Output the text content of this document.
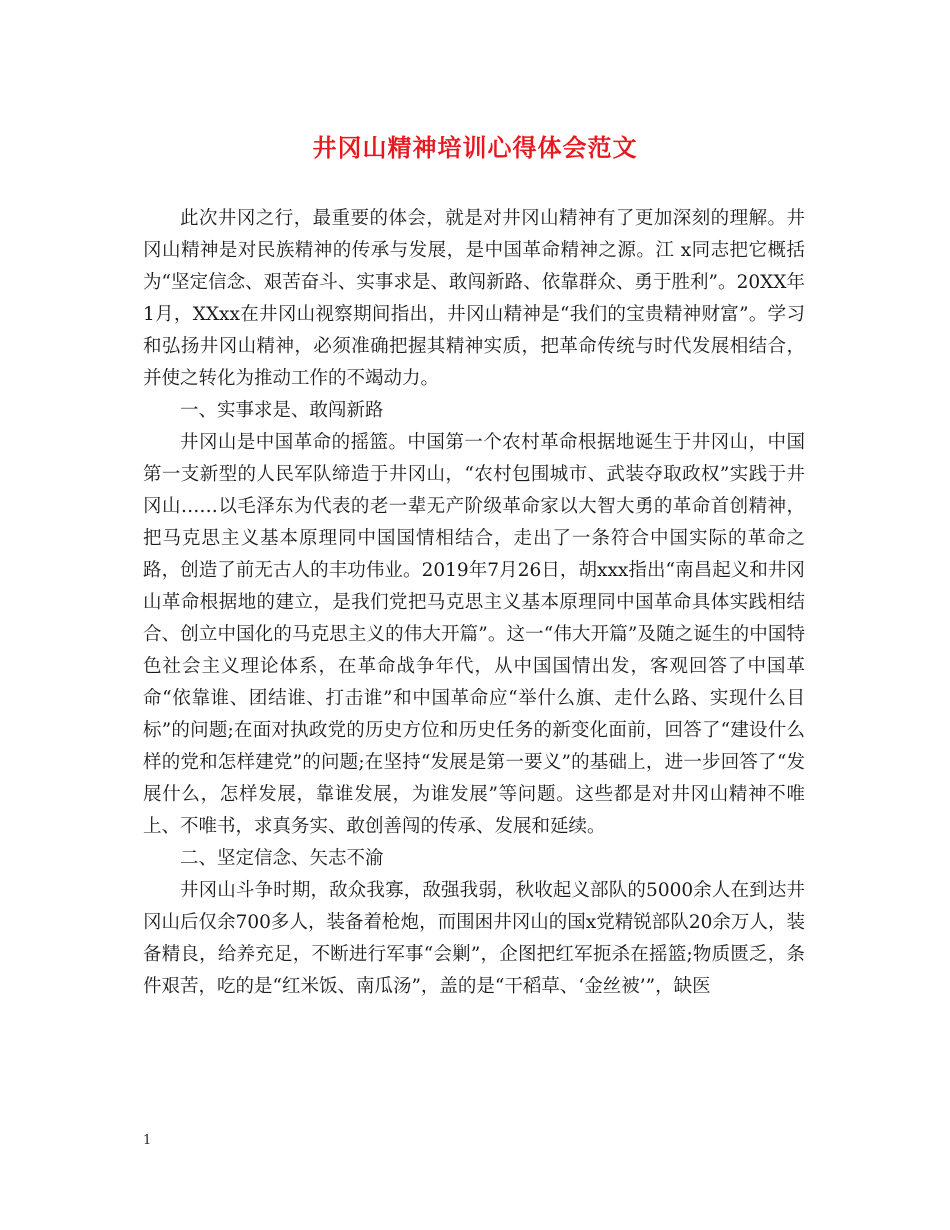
井冈山精神培训心得体会范文

此次井冈之行，最重要的体会，就是对井冈山精神有了更加深刻的理解。井冈山精神是对民族精神的传承与发展，是中国革命精神之源。江 x同志把它概括为“坚定信念、艰苦奋斗、实事求是、敢闯新路、依靠群众、勇于胜利”。20XX年1月，XXxx在井冈山视察期间指出，井冈山精神是“我们的宝贵精神财富”。学习和弘扬井冈山精神，必须准确把握其精神实质，把革命传统与时代发展相结合，并使之转化为推动工作的不竭动力。

一、实事求是、敢闯新路

井冈山是中国革命的摇篮。中国第一个农村革命根据地诞生于井冈山，中国第一支新型的人民军队缔造于井冈山，“农村包围城市、武装夺取政权”实践于井冈山……以毛泽东为代表的老一辈无产阶级革命家以大智大勇的革命首创精神，把马克思主义基本原理同中国国情相结合，走出了一条符合中国实际的革命之路，创造了前无古人的丰功伟业。2019年7月26日，胡xxx指出“南昌起义和井冈山革命根据地的建立，是我们党把马克思主义基本原理同中国革命具体实践相结合、创立中国化的马克思主义的伟大开篇”。这一“伟大开篇”及随之诞生的中国特色社会主义理论体系，在革命战争年代，从中国国情出发，客观回答了中国革命“依靠谁、团结谁、打击谁”和中国革命应“举什么旗、走什么路、实现什么目标”的问题;在面对执政党的历史方位和历史任务的新变化面前，回答了“建设什么样的党和怎样建党”的问题;在坚持“发展是第一要义”的基础上，进一步回答了“发展什么，怎样发展，靠谁发展，为谁发展”等问题。这些都是对井冈山精神不唯上、不唯书，求真务实、敢创善闯的传承、发展和延续。

二、坚定信念、矢志不渝

井冈山斗争时期，敌众我寡，敌强我弱，秋收起义部队的5000余人在到达井冈山后仅余700多人，装备着枪炮，而围困井冈山的国x党精锐部队20余万人，装备精良，给养充足，不断进行军事“会剿”，企图把红军扼杀在摇篮;物质匮乏，条件艰苦，吃的是“红米饭、南瓜汤”，盖的是“干稻草、‘金丝被’”，缺医

1
